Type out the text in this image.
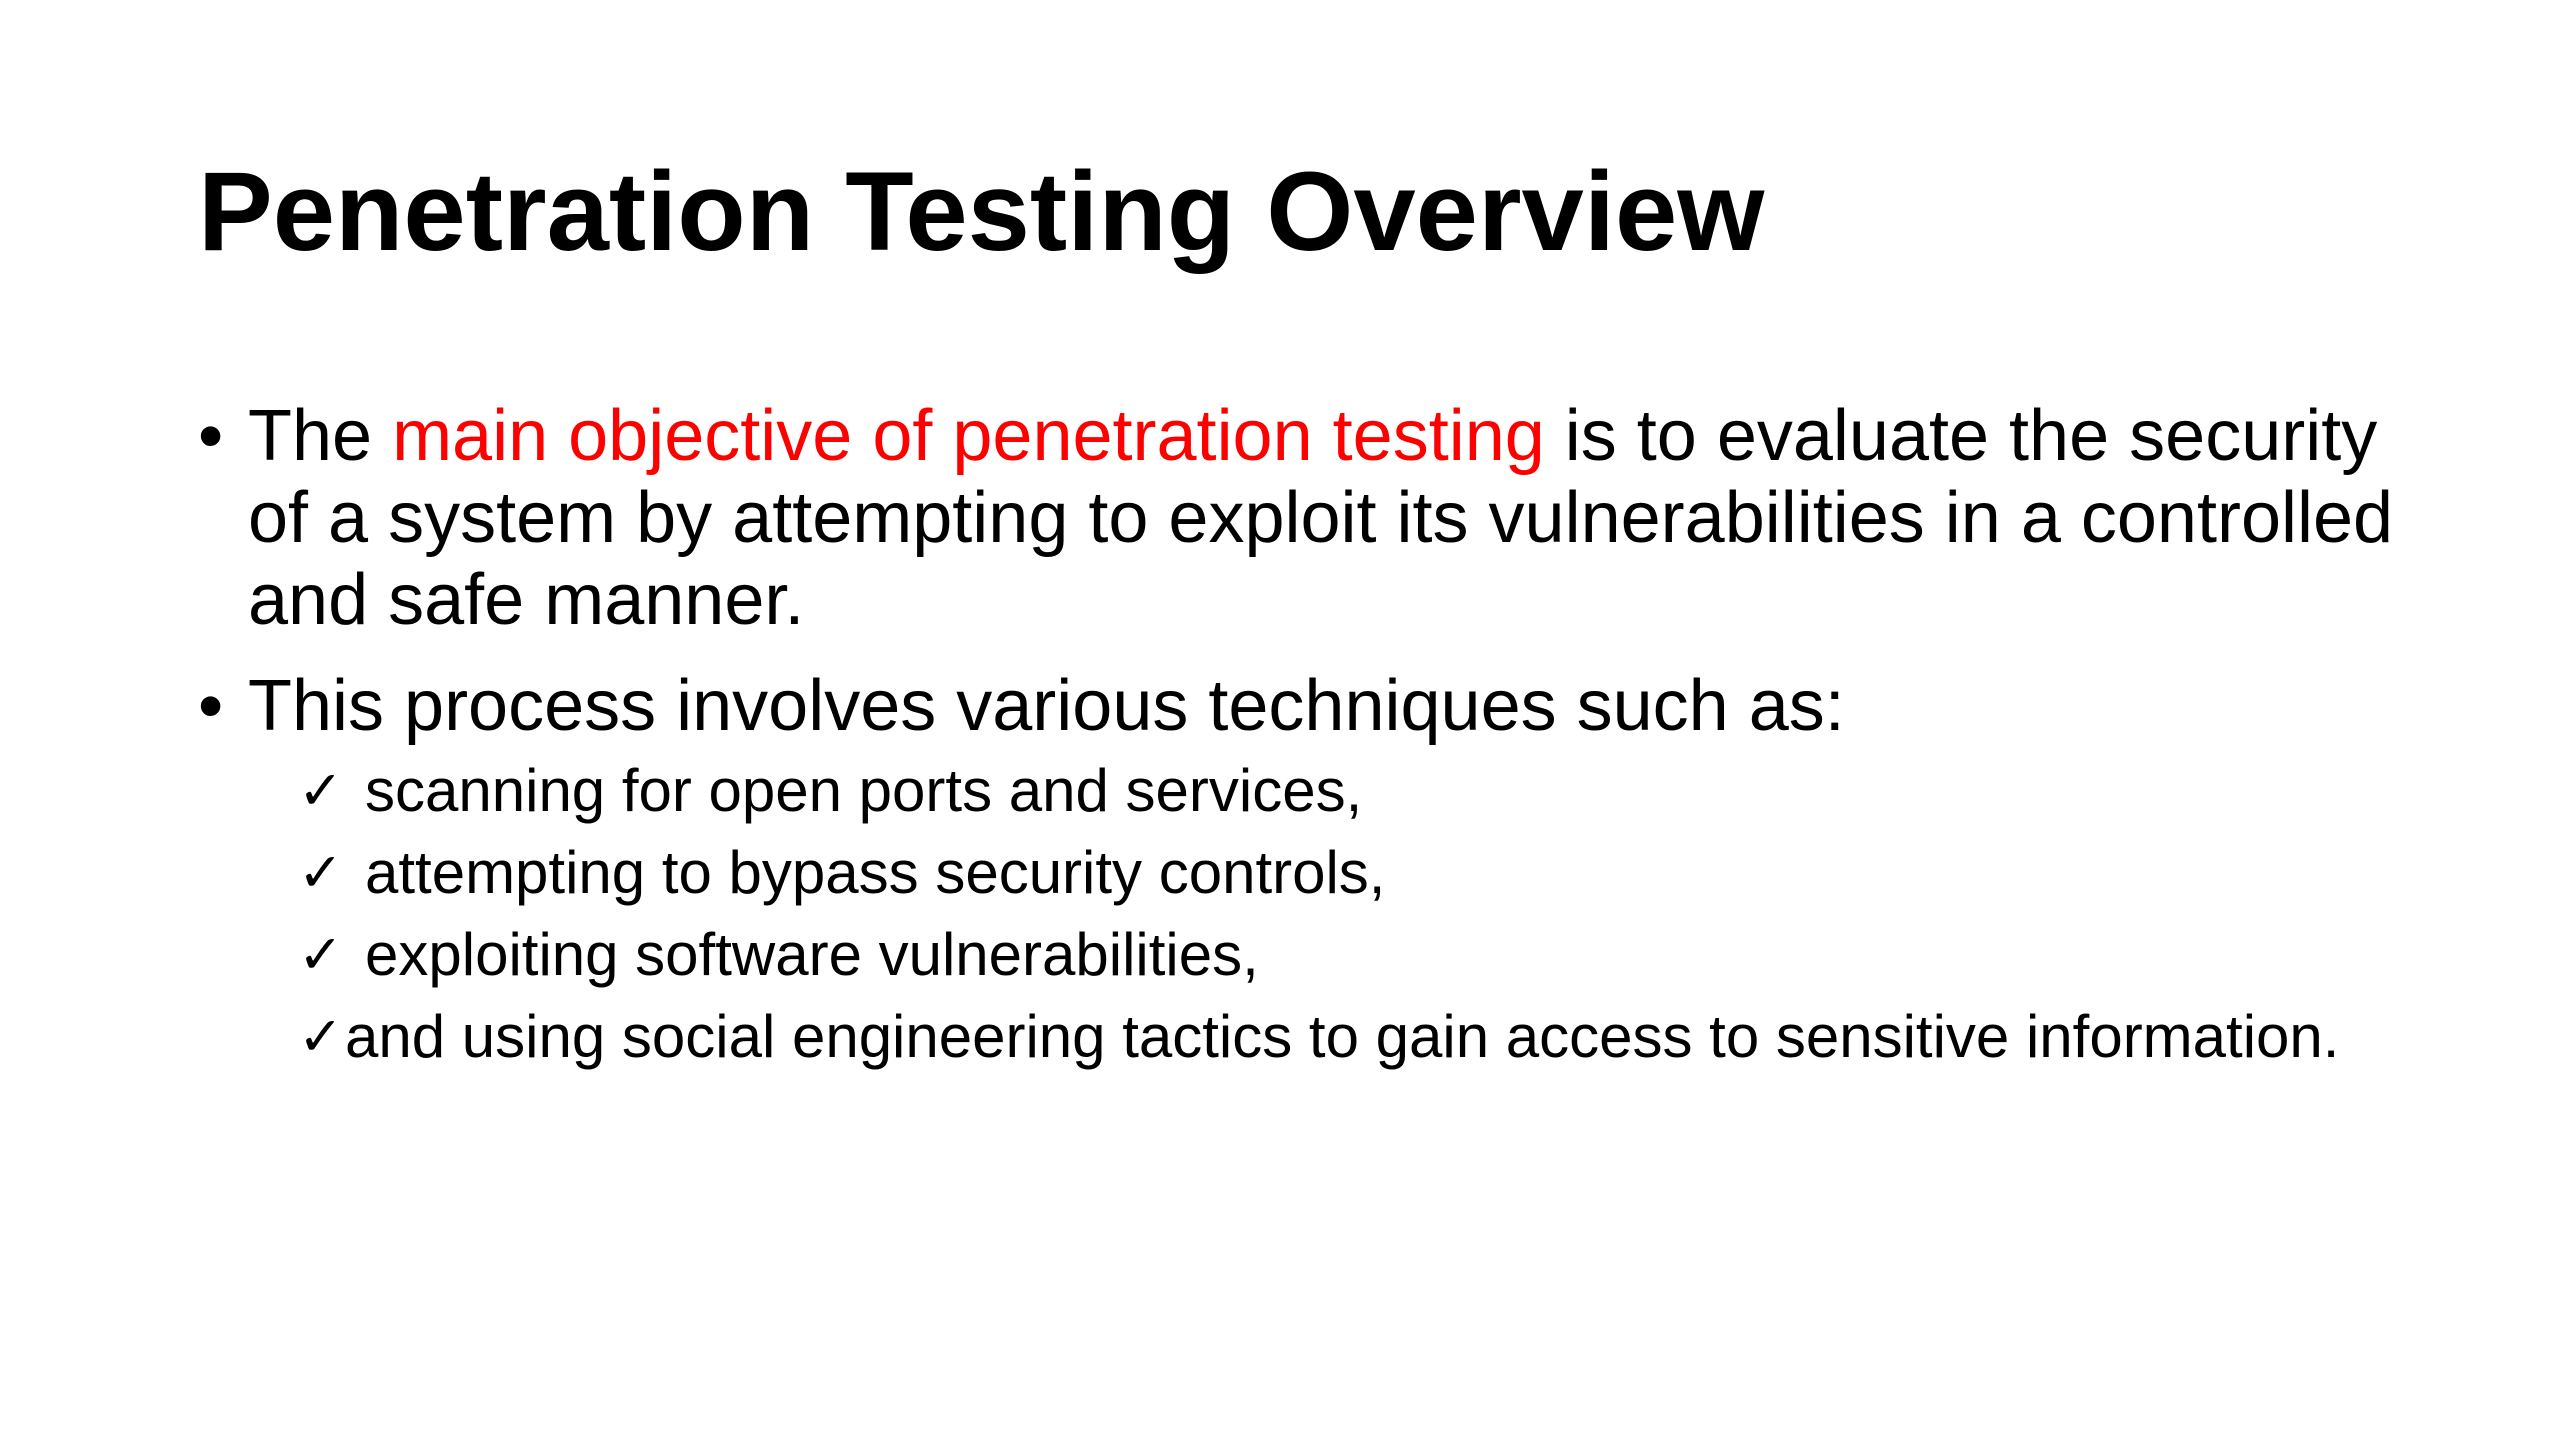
Penetration Testing Overview
• The main objective of penetration testing is to evaluate the security of a system by attempting to exploit its vulnerabilities in a controlled and safe manner.
• This process involves various techniques such as:
✓ scanning for open ports and services,
✓ attempting to bypass security controls,
✓ exploiting software vulnerabilities,
✓ and using social engineering tactics to gain access to sensitive information.
